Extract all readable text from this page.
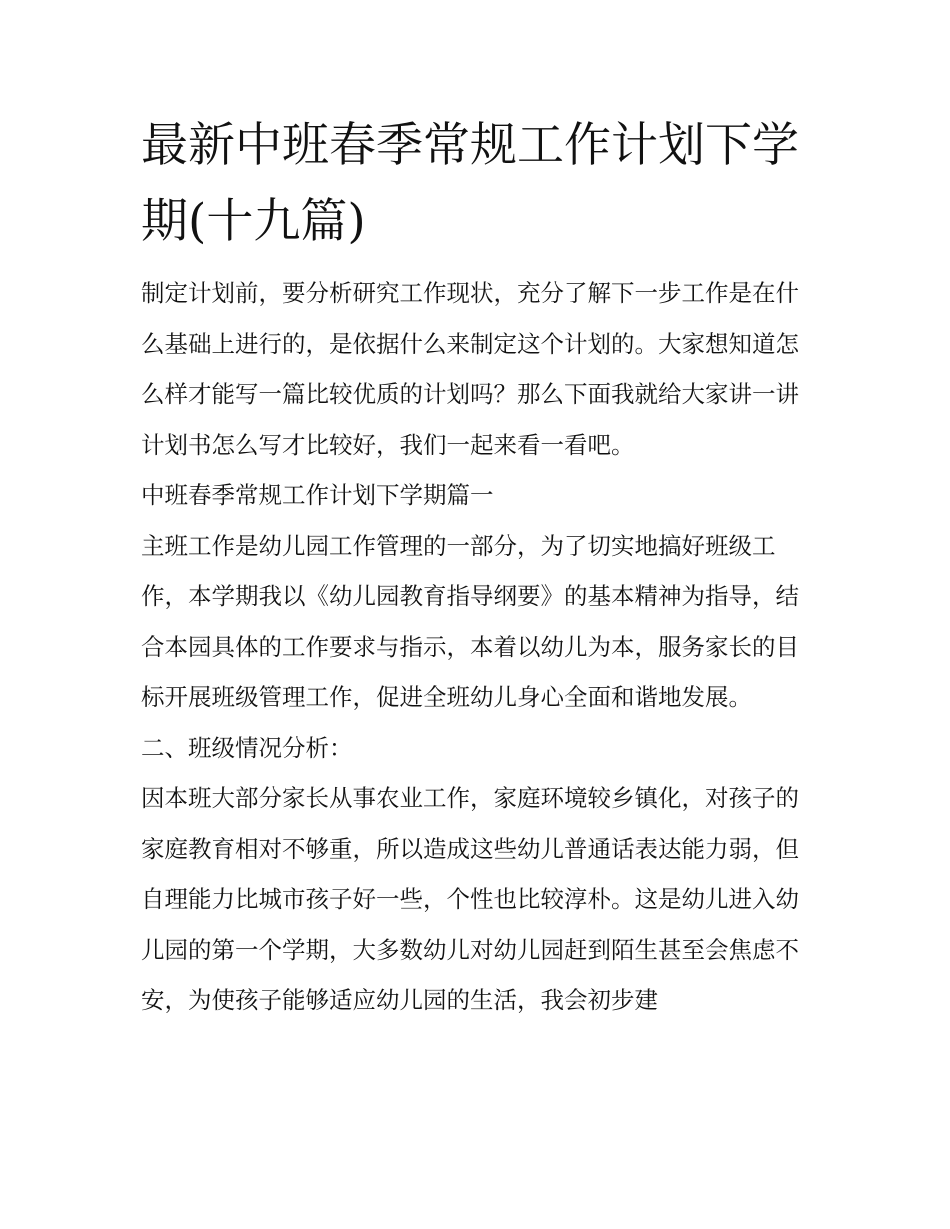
最新中班春季常规工作计划下学期(十九篇)

制定计划前，要分析研究工作现状，充分了解下一步工作是在什么基础上进行的，是依据什么来制定这个计划的。大家想知道怎么样才能写一篇比较优质的计划吗？那么下面我就给大家讲一讲计划书怎么写才比较好，我们一起来看一看吧。

中班春季常规工作计划下学期篇一

主班工作是幼儿园工作管理的一部分，为了切实地搞好班级工作，本学期我以《幼儿园教育指导纲要》的基本精神为指导，结合本园具体的工作要求与指示，本着以幼儿为本，服务家长的目标开展班级管理工作，促进全班幼儿身心全面和谐地发展。

二、班级情况分析：

因本班大部分家长从事农业工作，家庭环境较乡镇化，对孩子的家庭教育相对不够重，所以造成这些幼儿普通话表达能力弱，但自理能力比城市孩子好一些，个性也比较淳朴。这是幼儿进入幼儿园的第一个学期，大多数幼儿对幼儿园赶到陌生甚至会焦虑不安，为使孩子能够适应幼儿园的生活，我会初步建
